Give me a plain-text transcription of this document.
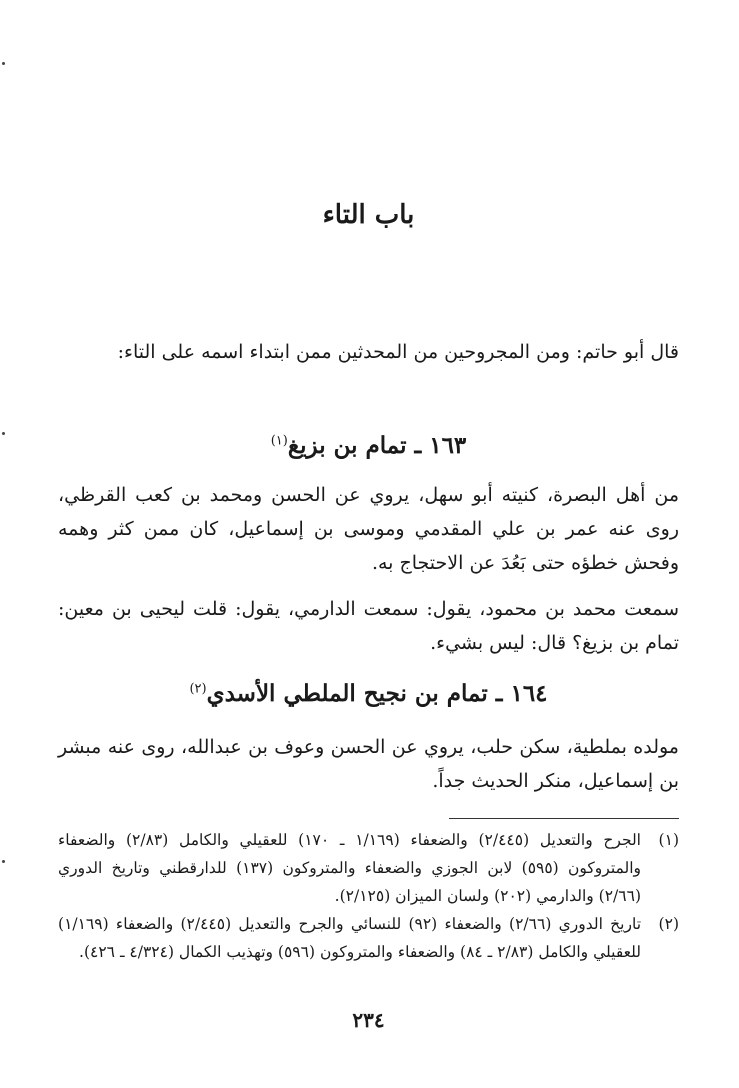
باب التاء

قال أبو حاتم: ومن المجروحين من المحدثين ممن ابتداء اسمه على التاء:

١٦٣ ـ تمام بن بزيغ$^{(١)}$

من أهل البصرة، كنيته أبو سهل، يروي عن الحسن ومحمد بن كعب القرظي، روى عنه عمر بن علي المقدمي وموسى بن إسماعيل، كان ممن كثر وهمه وفحش خطؤه حتى بَعُدَ عن الاحتجاج به.

سمعت محمد بن محمود، يقول: سمعت الدارمي، يقول: قلت ليحيى بن معين: تمام بن بزيغ؟ قال: ليس بشيء.

١٦٤ ـ تمام بن نجيح الملطي الأسدي$^{(٢)}$

مولده بملطية، سكن حلب، يروي عن الحسن وعوف بن عبدالله، روى عنه مبشر بن إسماعيل، منكر الحديث جداً.

(١)
الجرح والتعديل (٢/٤٤٥) والضعفاء (١/١٦٩ ـ ١٧٠) للعقيلي والكامل (٢/٨٣) والضعفاء والمتروكون (٥٩٥) لابن الجوزي والضعفاء والمتروكون (١٣٧) للدارقطني وتاريخ الدوري (٢/٦٦) والدارمي (٢٠٢) ولسان الميزان (٢/١٢٥).
(٢)
تاريخ الدوري (٢/٦٦) والضعفاء (٩٢) للنسائي والجرح والتعديل (٢/٤٤٥) والضعفاء (١/١٦٩) للعقيلي والكامل (٢/٨٣ ـ ٨٤) والضعفاء والمتروكون (٥٩٦) وتهذيب الكمال (٤/٣٢٤ ـ ٤٢٦).

٢٣٤
